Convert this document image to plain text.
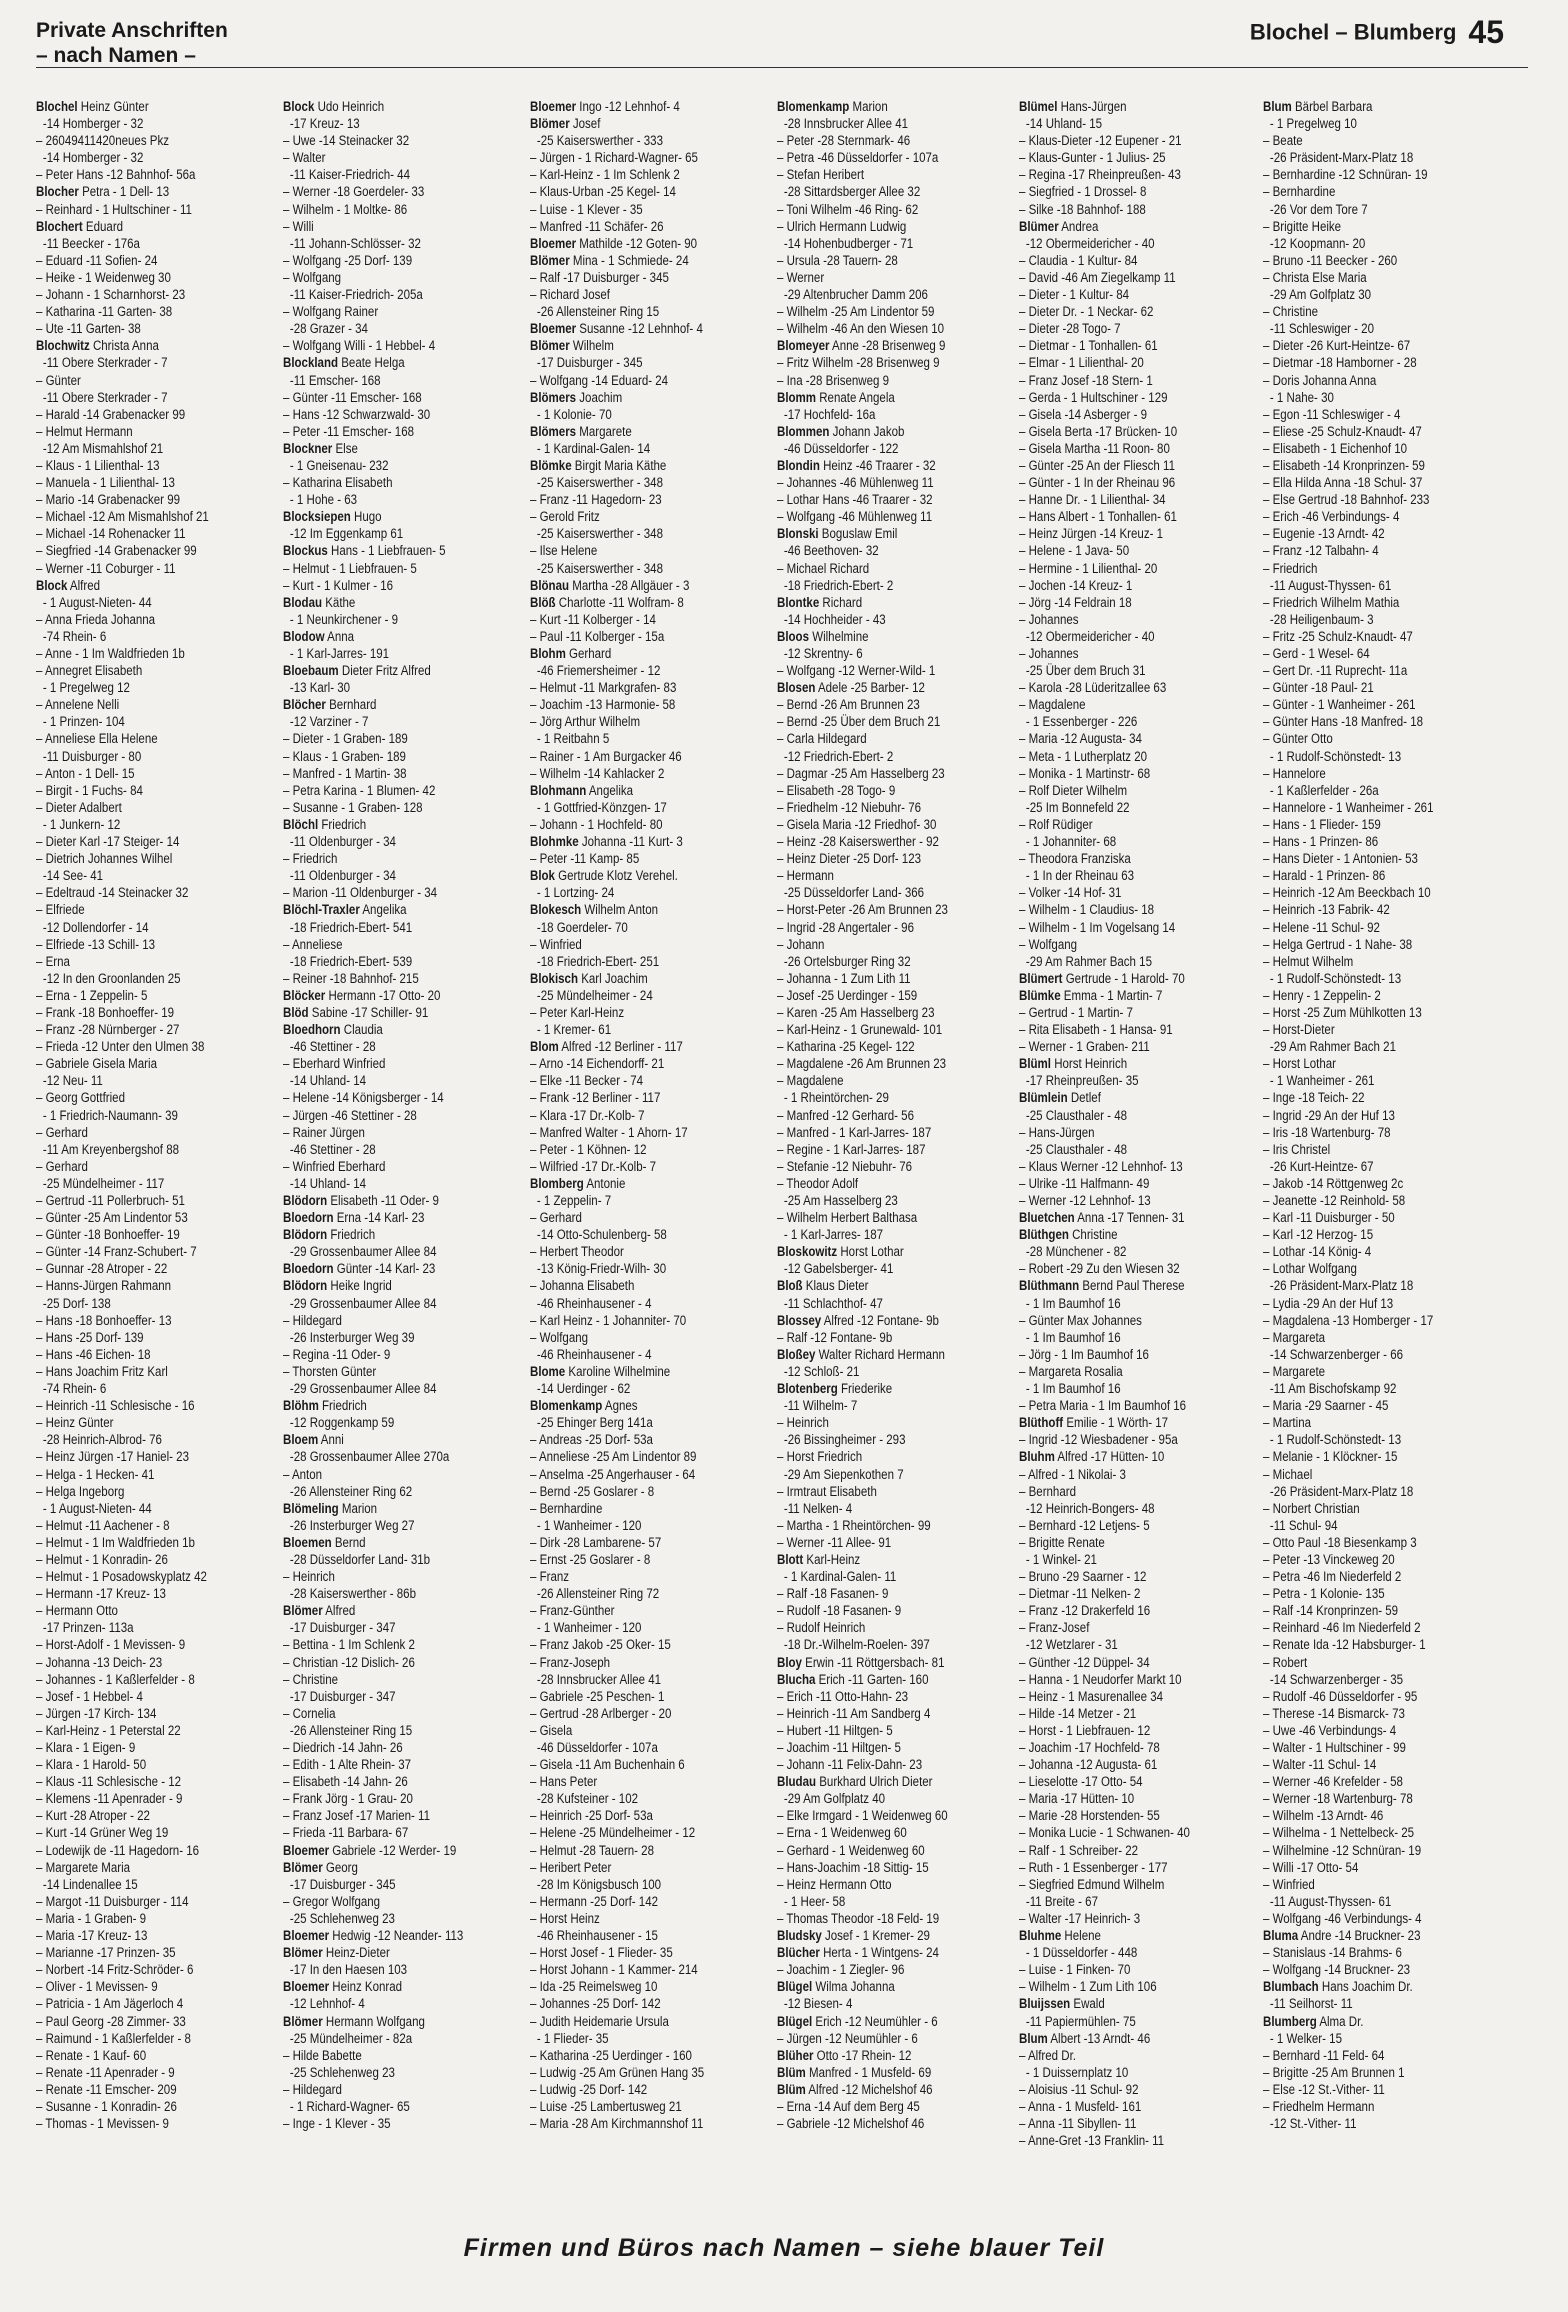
Private Anschriften
– nach Namen –
Blochel – Blumberg 45
Blochel Heinz Günter
-14 Homberger - 32
– 26049411420neues Pkz
-14 Homberger - 32
– Peter Hans -12 Bahnhof- 56a
Blocher Petra - 1 Dell- 13
– Reinhard - 1 Hultschiner - 11
Blochert Eduard
-11 Beecker - 176a
– Eduard -11 Sofien- 24
– Heike - 1 Weidenweg 30
– Johann - 1 Scharnhorst- 23
– Katharina -11 Garten- 38
– Ute -11 Garten- 38
Blochwitz Christa Anna
-11 Obere Sterkrader - 7
– Günter
-11 Obere Sterkrader - 7
– Harald -14 Grabenacker 99
– Helmut Hermann
-12 Am Mismahlshof 21
– Klaus - 1 Lilienthal- 13
– Manuela - 1 Lilienthal- 13
– Mario -14 Grabenacker 99
– Michael -12 Am Mismahlshof 21
– Michael -14 Rohenacker 11
– Siegfried -14 Grabenacker 99
– Werner -11 Coburger - 11
Block Alfred
- 1 August-Nieten- 44
– Anna Frieda Johanna
-74 Rhein- 6
– Anne - 1 Im Waldfrieden 1b
– Annegret Elisabeth
- 1 Pregelweg 12
– Annelene Nelli
- 1 Prinzen- 104
– Anneliese Ella Helene
-11 Duisburger - 80
– Anton - 1 Dell- 15
– Birgit - 1 Fuchs- 84
– Dieter Adalbert
- 1 Junkern- 12
– Dieter Karl -17 Steiger- 14
– Dietrich Johannes Wilhel
-14 See- 41
– Edeltraud -14 Steinacker 32
– Elfriede
-12 Dollendorfer - 14
– Elfriede -13 Schill- 13
– Erna
-12 In den Groonlanden 25
– Erna - 1 Zeppelin- 5
– Frank -18 Bonhoeffer- 19
– Franz -28 Nürnberger - 27
– Frieda -12 Unter den Ulmen 38
– Gabriele Gisela Maria
-12 Neu- 11
– Georg Gottfried
- 1 Friedrich-Naumann- 39
– Gerhard
-11 Am Kreyenbergshof 88
– Gerhard
-25 Mündelheimer - 117
– Gertrud -11 Pollerbruch- 51
– Günter -25 Am Lindentor 53
– Günter -18 Bonhoeffer- 19
– Günter -14 Franz-Schubert- 7
– Gunnar -28 Atroper - 22
– Hanns-Jürgen Rahmann
-25 Dorf- 138
– Hans -18 Bonhoeffer- 13
– Hans -25 Dorf- 139
– Hans -46 Eichen- 18
– Hans Joachim Fritz Karl
-74 Rhein- 6
– Heinrich -11 Schlesische - 16
– Heinz Günter
-28 Heinrich-Albrod- 76
– Heinz Jürgen -17 Haniel- 23
– Helga - 1 Hecken- 41
– Helga Ingeborg
- 1 August-Nieten- 44
– Helmut -11 Aachener - 8
– Helmut - 1 Im Waldfrieden 1b
– Helmut - 1 Konradin- 26
– Helmut - 1 Posadowskyplatz 42
– Hermann -17 Kreuz- 13
– Hermann Otto
-17 Prinzen- 113a
– Horst-Adolf - 1 Mevissen- 9
– Johanna -13 Deich- 23
– Johannes - 1 Kaßlerfelder - 8
– Josef - 1 Hebbel- 4
– Jürgen -17 Kirch- 134
– Karl-Heinz - 1 Peterstal 22
– Klara - 1 Eigen- 9
– Klara - 1 Harold- 50
– Klaus -11 Schlesische - 12
– Klemens -11 Apenrader - 9
– Kurt -28 Atroper - 22
– Kurt -14 Grüner Weg 19
– Lodewijk de -11 Hagedorn- 16
– Margarete Maria
-14 Lindenallee 15
– Margot -11 Duisburger - 114
– Maria - 1 Graben- 9
– Maria -17 Kreuz- 13
– Marianne -17 Prinzen- 35
– Norbert -14 Fritz-Schröder- 6
– Oliver - 1 Mevissen- 9
– Patricia - 1 Am Jägerloch 4
– Paul Georg -28 Zimmer- 33
– Raimund - 1 Kaßlerfelder - 8
– Renate - 1 Kauf- 60
– Renate -11 Apenrader - 9
– Renate -11 Emscher- 209
– Susanne - 1 Konradin- 26
– Thomas - 1 Mevissen- 9
Block Udo Heinrich
-17 Kreuz- 13
– Uwe -14 Steinacker 32
– Walter
-11 Kaiser-Friedrich- 44
– Werner -18 Goerdeler- 33
– Wilhelm - 1 Moltke- 86
– Willi
-11 Johann-Schlösser- 32
– Wolfgang -25 Dorf- 139
– Wolfgang
-11 Kaiser-Friedrich- 205a
– Wolfgang Rainer
-28 Grazer - 34
– Wolfgang Willi - 1 Hebbel- 4
Blockland Beate Helga
-11 Emscher- 168
– Günter -11 Emscher- 168
– Hans -12 Schwarzwald- 30
– Peter -11 Emscher- 168
Blockner Else
- 1 Gneisenau- 232
– Katharina Elisabeth
- 1 Hohe - 63
Blocksiepen Hugo
-12 Im Eggenkamp 61
Blockus Hans - 1 Liebfrauen- 5
– Helmut - 1 Liebfrauen- 5
– Kurt - 1 Kulmer - 16
Blodau Käthe
- 1 Neunkirchener - 9
Blodow Anna
- 1 Karl-Jarres- 191
Bloebaum Dieter Fritz Alfred
-13 Karl- 30
Blöcher Bernhard
-12 Varziner - 7
– Dieter - 1 Graben- 189
– Klaus - 1 Graben- 189
– Manfred - 1 Martin- 38
– Petra Karina - 1 Blumen- 42
– Susanne - 1 Graben- 128
Blöchl Friedrich
-11 Oldenburger - 34
– Friedrich
-11 Oldenburger - 34
– Marion -11 Oldenburger - 34
Blöchl-Traxler Angelika
-18 Friedrich-Ebert- 541
– Anneliese
-18 Friedrich-Ebert- 539
– Reiner -18 Bahnhof- 215
Blöcker Hermann -17 Otto- 20
Blöd Sabine -17 Schiller- 91
Bloedhorn Claudia
-46 Stettiner - 28
– Eberhard Winfried
-14 Uhland- 14
– Helene -14 Königsberger - 14
– Jürgen -46 Stettiner - 28
– Rainer Jürgen
-46 Stettiner - 28
– Winfried Eberhard
-14 Uhland- 14
Blödorn Elisabeth -11 Oder- 9
Bloedorn Erna -14 Karl- 23
Blödorn Friedrich
-29 Grossenbaumer Allee 84
Bloedorn Günter -14 Karl- 23
Blödorn Heike Ingrid
-29 Grossenbaumer Allee 84
– Hildegard
-26 Insterburger Weg 39
– Regina -11 Oder- 9
– Thorsten Günter
-29 Grossenbaumer Allee 84
Blöhm Friedrich
-12 Roggenkamp 59
Bloem Anni
-28 Grossenbaumer Allee 270a
– Anton
-26 Allensteiner Ring 62
Blömeling Marion
-26 Insterburger Weg 27
Bloemen Bernd
-28 Düsseldorfer Land- 31b
– Heinrich
-28 Kaiserswerther - 86b
Blömer Alfred
-17 Duisburger - 347
– Bettina - 1 Im Schlenk 2
– Christian -12 Dislich- 26
– Christine
-17 Duisburger - 347
– Cornelia
-26 Allensteiner Ring 15
– Diedrich -14 Jahn- 26
– Edith - 1 Alte Rhein- 37
– Elisabeth -14 Jahn- 26
– Frank Jörg - 1 Grau- 20
– Franz Josef -17 Marien- 11
– Frieda -11 Barbara- 67
Bloemer Gabriele -12 Werder- 19
Blömer Georg
-17 Duisburger - 345
– Gregor Wolfgang
-25 Schlehenweg 23
Bloemer Hedwig -12 Neander- 113
Blömer Heinz-Dieter
-17 In den Haesen 103
Bloemer Heinz Konrad
-12 Lehnhof- 4
Blömer Hermann Wolfgang
-25 Mündelheimer - 82a
– Hilde Babette
-25 Schlehenweg 23
– Hildegard
- 1 Richard-Wagner- 65
– Inge - 1 Klever - 35
Bloemer Ingo -12 Lehnhof- 4
Blömer Josef
-25 Kaiserswerther - 333
– Jürgen - 1 Richard-Wagner- 65
– Karl-Heinz - 1 Im Schlenk 2
– Klaus-Urban -25 Kegel- 14
– Luise - 1 Klever - 35
– Manfred -11 Schäfer- 26
Bloemer Mathilde -12 Goten- 90
Blömer Mina - 1 Schmiede- 24
– Ralf -17 Duisburger - 345
– Richard Josef
-26 Allensteiner Ring 15
Bloemer Susanne -12 Lehnhof- 4
Blömer Wilhelm
-17 Duisburger - 345
– Wolfgang -14 Eduard- 24
Blömers Joachim
- 1 Kolonie- 70
Blömers Margarete
- 1 Kardinal-Galen- 14
Blömke Birgit Maria Käthe
-25 Kaiserswerther - 348
– Franz -11 Hagedorn- 23
– Gerold Fritz
-25 Kaiserswerther - 348
– Ilse Helene
-25 Kaiserswerther - 348
Blönau Martha -28 Allgäuer - 3
Blöß Charlotte -11 Wolfram- 8
– Kurt -11 Kolberger - 14
– Paul -11 Kolberger - 15a
Blohm Gerhard
-46 Friemersheimer - 12
– Helmut -11 Markgrafen- 83
– Joachim -13 Harmonie- 58
– Jörg Arthur Wilhelm
- 1 Reitbahn 5
– Rainer - 1 Am Burgacker 46
– Wilhelm -14 Kahlacker 2
Blohmann Angelika
- 1 Gottfried-Könzgen- 17
– Johann - 1 Hochfeld- 80
Blohmke Johanna -11 Kurt- 3
– Peter -11 Kamp- 85
Blok Gertrude Klotz Verehel.
- 1 Lortzing- 24
Blokesch Wilhelm Anton
-18 Goerdeler- 70
– Winfried
-18 Friedrich-Ebert- 251
Blokisch Karl Joachim
-25 Mündelheimer - 24
– Peter Karl-Heinz
- 1 Kremer- 61
Blom Alfred -12 Berliner - 117
– Arno -14 Eichendorff- 21
– Elke -11 Becker - 74
– Frank -12 Berliner - 117
– Klara -17 Dr.-Kolb- 7
– Manfred Walter - 1 Ahorn- 17
– Peter - 1 Köhnen- 12
– Wilfried -17 Dr.-Kolb- 7
Blomberg Antonie
- 1 Zeppelin- 7
– Gerhard
-14 Otto-Schulenberg- 58
– Herbert Theodor
-13 König-Friedr-Wilh- 30
– Johanna Elisabeth
-46 Rheinhausener - 4
– Karl Heinz - 1 Johanniter- 70
– Wolfgang
-46 Rheinhausener - 4
Blome Karoline Wilhelmine
-14 Uerdinger - 62
Blomenkamp Agnes
-25 Ehinger Berg 141a
– Andreas -25 Dorf- 53a
– Anneliese -25 Am Lindentor 89
– Anselma -25 Angerhauser - 64
– Bernd -25 Goslarer - 8
– Bernhardine
- 1 Wanheimer - 120
– Dirk -28 Lambarene- 57
– Ernst -25 Goslarer - 8
– Franz
-26 Allensteiner Ring 72
– Franz-Günther
- 1 Wanheimer - 120
– Franz Jakob -25 Oker- 15
– Franz-Joseph
-28 Innsbrucker Allee 41
– Gabriele -25 Peschen- 1
– Gertrud -28 Arlberger - 20
– Gisela
-46 Düsseldorfer - 107a
– Gisela -11 Am Buchenhain 6
– Hans Peter
-28 Kufsteiner - 102
– Heinrich -25 Dorf- 53a
– Helene -25 Mündelheimer - 12
– Helmut -28 Tauern- 28
– Heribert Peter
-28 Im Königsbusch 100
– Hermann -25 Dorf- 142
– Horst Heinz
-46 Rheinhausener - 15
– Horst Josef - 1 Flieder- 35
– Horst Johann - 1 Kammer- 214
– Ida -25 Reimelsweg 10
– Johannes -25 Dorf- 142
– Judith Heidemarie Ursula
- 1 Flieder- 35
– Katharina -25 Uerdinger - 160
– Ludwig -25 Am Grünen Hang 35
– Ludwig -25 Dorf- 142
– Luise -25 Lambertusweg 21
– Maria -28 Am Kirchmannshof 11
Blomenkamp Marion
-28 Innsbrucker Allee 41
– Peter -28 Sternmark- 46
– Petra -46 Düsseldorfer - 107a
– Stefan Heribert
-28 Sittardsberger Allee 32
– Toni Wilhelm -46 Ring- 62
– Ulrich Hermann Ludwig
-14 Hohenbudberger - 71
– Ursula -28 Tauern- 28
– Werner
-29 Altenbrucher Damm 206
– Wilhelm -25 Am Lindentor 59
– Wilhelm -46 An den Wiesen 10
Blomeyer Anne -28 Brisenweg 9
– Fritz Wilhelm -28 Brisenweg 9
– Ina -28 Brisenweg 9
Blomm Renate Angela
-17 Hochfeld- 16a
Blommen Johann Jakob
-46 Düsseldorfer - 122
Blondin Heinz -46 Traarer - 32
– Johannes -46 Mühlenweg 11
– Lothar Hans -46 Traarer - 32
– Wolfgang -46 Mühlenweg 11
Blonski Boguslaw Emil
-46 Beethoven- 32
– Michael Richard
-18 Friedrich-Ebert- 2
Blontke Richard
-14 Hochheider - 43
Bloos Wilhelmine
-12 Skrentny- 6
– Wolfgang -12 Werner-Wild- 1
Blosen Adele -25 Barber- 12
– Bernd -26 Am Brunnen 23
– Bernd -25 Über dem Bruch 21
– Carla Hildegard
-12 Friedrich-Ebert- 2
– Dagmar -25 Am Hasselberg 23
– Elisabeth -28 Togo- 9
– Friedhelm -12 Niebuhr- 76
– Gisela Maria -12 Friedhof- 30
– Heinz -28 Kaiserswerther - 92
– Heinz Dieter -25 Dorf- 123
– Hermann
-25 Düsseldorfer Land- 366
– Horst-Peter -26 Am Brunnen 23
– Ingrid -28 Angertaler - 96
– Johann
-26 Ortelsburger Ring 32
– Johanna - 1 Zum Lith 11
– Josef -25 Uerdinger - 159
– Karen -25 Am Hasselberg 23
– Karl-Heinz - 1 Grunewald- 101
– Katharina -25 Kegel- 122
– Magdalene -26 Am Brunnen 23
– Magdalene
- 1 Rheintörchen- 29
– Manfred -12 Gerhard- 56
– Manfred - 1 Karl-Jarres- 187
– Regine - 1 Karl-Jarres- 187
– Stefanie -12 Niebuhr- 76
– Theodor Adolf
-25 Am Hasselberg 23
– Wilhelm Herbert Balthasa
- 1 Karl-Jarres- 187
Bloskowitz Horst Lothar
-12 Gabelsberger- 41
Bloß Klaus Dieter
-11 Schlachthof- 47
Blossey Alfred -12 Fontane- 9b
– Ralf -12 Fontane- 9b
Bloßey Walter Richard Hermann
-12 Schloß- 21
Blotenberg Friederike
-11 Wilhelm- 7
– Heinrich
-26 Bissingheimer - 293
– Horst Friedrich
-29 Am Siepenkothen 7
– Irmtraut Elisabeth
-11 Nelken- 4
– Martha - 1 Rheintörchen- 99
– Werner -11 Allee- 91
Blott Karl-Heinz
- 1 Kardinal-Galen- 11
– Ralf -18 Fasanen- 9
– Rudolf -18 Fasanen- 9
– Rudolf Heinrich
-18 Dr.-Wilhelm-Roelen- 397
Bloy Erwin -11 Röttgersbach- 81
Blucha Erich -11 Garten- 160
– Erich -11 Otto-Hahn- 23
– Heinrich -11 Am Sandberg 4
– Hubert -11 Hiltgen- 5
– Joachim -11 Hiltgen- 5
– Johann -11 Felix-Dahn- 23
Bludau Burkhard Ulrich Dieter
-29 Am Golfplatz 40
– Elke Irmgard - 1 Weidenweg 60
– Erna - 1 Weidenweg 60
– Gerhard - 1 Weidenweg 60
– Hans-Joachim -18 Sittig- 15
– Heinz Hermann Otto
- 1 Heer- 58
– Thomas Theodor -18 Feld- 19
Bludsky Josef - 1 Kremer- 29
Blücher Herta - 1 Wintgens- 24
– Joachim - 1 Ziegler- 96
Blügel Wilma Johanna
-12 Biesen- 4
Blügel Erich -12 Neumühler - 6
– Jürgen -12 Neumühler - 6
Blüher Otto -17 Rhein- 12
Blüm Manfred - 1 Musfeld- 69
Blüm Alfred -12 Michelshof 46
– Erna -14 Auf dem Berg 45
– Gabriele -12 Michelshof 46
Blümel Hans-Jürgen
-14 Uhland- 15
– Klaus-Dieter -12 Eupener - 21
– Klaus-Gunter - 1 Julius- 25
– Regina -17 Rheinpreußen- 43
– Siegfried - 1 Drossel- 8
– Silke -18 Bahnhof- 188
Blümer Andrea
-12 Obermeidericher - 40
– Claudia - 1 Kultur- 84
– David -46 Am Ziegelkamp 11
– Dieter - 1 Kultur- 84
– Dieter Dr. - 1 Neckar- 62
– Dieter -28 Togo- 7
– Dietmar - 1 Tonhallen- 61
– Elmar - 1 Lilienthal- 20
– Franz Josef -18 Stern- 1
– Gerda - 1 Hultschiner - 129
– Gisela -14 Asberger - 9
– Gisela Berta -17 Brücken- 10
– Gisela Martha -11 Roon- 80
– Günter -25 An der Fliesch 11
– Günter - 1 In der Rheinau 96
– Hanne Dr. - 1 Lilienthal- 34
– Hans Albert - 1 Tonhallen- 61
– Heinz Jürgen -14 Kreuz- 1
– Helene - 1 Java- 50
– Hermine - 1 Lilienthal- 20
– Jochen -14 Kreuz- 1
– Jörg -14 Feldrain 18
– Johannes
-12 Obermeidericher - 40
– Johannes
-25 Über dem Bruch 31
– Karola -28 Lüderitzallee 63
– Magdalene
- 1 Essenberger - 226
– Maria -12 Augusta- 34
– Meta - 1 Lutherplatz 20
– Monika - 1 Martinstr- 68
– Rolf Dieter Wilhelm
-25 Im Bonnefeld 22
– Rolf Rüdiger
- 1 Johanniter- 68
– Theodora Franziska
- 1 In der Rheinau 63
– Volker -14 Hof- 31
– Wilhelm - 1 Claudius- 18
– Wilhelm - 1 Im Vogelsang 14
– Wolfgang
-29 Am Rahmer Bach 15
Blümert Gertrude - 1 Harold- 70
Blümke Emma - 1 Martin- 7
– Gertrud - 1 Martin- 7
– Rita Elisabeth - 1 Hansa- 91
– Werner - 1 Graben- 211
Blüml Horst Heinrich
-17 Rheinpreußen- 35
Blümlein Detlef
-25 Clausthaler - 48
– Hans-Jürgen
-25 Clausthaler - 48
– Klaus Werner -12 Lehnhof- 13
– Ulrike -11 Halfmann- 49
– Werner -12 Lehnhof- 13
Bluetchen Anna -17 Tennen- 31
Blüthgen Christine
-28 Münchener - 82
– Robert -29 Zu den Wiesen 32
Blüthmann Bernd Paul Therese
- 1 Im Baumhof 16
– Günter Max Johannes
- 1 Im Baumhof 16
– Jörg - 1 Im Baumhof 16
– Margareta Rosalia
- 1 Im Baumhof 16
– Petra Maria - 1 Im Baumhof 16
Blüthoff Emilie - 1 Wörth- 17
– Ingrid -12 Wiesbadener - 95a
Bluhm Alfred -17 Hütten- 10
– Alfred - 1 Nikolai- 3
– Bernhard
-12 Heinrich-Bongers- 48
– Bernhard -12 Letjens- 5
– Brigitte Renate
- 1 Winkel- 21
– Bruno -29 Saarner - 12
– Dietmar -11 Nelken- 2
– Franz -12 Drakerfeld 16
– Franz-Josef
-12 Wetzlarer - 31
– Günther -12 Düppel- 34
– Hanna - 1 Neudorfer Markt 10
– Heinz - 1 Masurenallee 34
– Hilde -14 Metzer - 21
– Horst - 1 Liebfrauen- 12
– Joachim -17 Hochfeld- 78
– Johanna -12 Augusta- 61
– Lieselotte -17 Otto- 54
– Maria -17 Hütten- 10
– Marie -28 Horstenden- 55
– Monika Lucie - 1 Schwanen- 40
– Ralf - 1 Schreiber- 22
– Ruth - 1 Essenberger - 177
– Siegfried Edmund Wilhelm
-11 Breite - 67
– Walter -17 Heinrich- 3
Bluhme Helene
- 1 Düsseldorfer - 448
– Luise - 1 Finken- 70
– Wilhelm - 1 Zum Lith 106
Bluijssen Ewald
-11 Papiermühlen- 75
Blum Albert -13 Arndt- 46
– Alfred Dr.
- 1 Duissernplatz 10
– Aloisius -11 Schul- 92
– Anna - 1 Musfeld- 161
– Anna -11 Sibyllen- 11
– Anne-Gret -13 Franklin- 11
Blum Bärbel Barbara
- 1 Pregelweg 10
– Beate
-26 Präsident-Marx-Platz 18
– Bernhardine -12 Schnüran- 19
– Bernhardine
-26 Vor dem Tore 7
– Brigitte Heike
-12 Koopmann- 20
– Bruno -11 Beecker - 260
– Christa Else Maria
-29 Am Golfplatz 30
– Christine
-11 Schleswiger - 20
– Dieter -26 Kurt-Heintze- 67
– Dietmar -18 Hamborner - 28
– Doris Johanna Anna
- 1 Nahe- 30
– Egon -11 Schleswiger - 4
– Eliese -25 Schulz-Knaudt- 47
– Elisabeth - 1 Eichenhof 10
– Elisabeth -14 Kronprinzen- 59
– Ella Hilda Anna -18 Schul- 37
– Else Gertrud -18 Bahnhof- 233
– Erich -46 Verbindungs- 4
– Eugenie -13 Arndt- 42
– Franz -12 Talbahn- 4
– Friedrich
-11 August-Thyssen- 61
– Friedrich Wilhelm Mathia
-28 Heiligenbaum- 3
– Fritz -25 Schulz-Knaudt- 47
– Gerd - 1 Wesel- 64
– Gert Dr. -11 Ruprecht- 11a
– Günter -18 Paul- 21
– Günter - 1 Wanheimer - 261
– Günter Hans -18 Manfred- 18
– Günter Otto
- 1 Rudolf-Schönstedt- 13
– Hannelore
- 1 Kaßlerfelder - 26a
– Hannelore - 1 Wanheimer - 261
– Hans - 1 Flieder- 159
– Hans - 1 Prinzen- 86
– Hans Dieter - 1 Antonien- 53
– Harald - 1 Prinzen- 86
– Heinrich -12 Am Beeckbach 10
– Heinrich -13 Fabrik- 42
– Helene -11 Schul- 92
– Helga Gertrud - 1 Nahe- 38
– Helmut Wilhelm
- 1 Rudolf-Schönstedt- 13
– Henry - 1 Zeppelin- 2
– Horst -25 Zum Mühlkotten 13
– Horst-Dieter
-29 Am Rahmer Bach 21
– Horst Lothar
- 1 Wanheimer - 261
– Inge -18 Teich- 22
– Ingrid -29 An der Huf 13
– Iris -18 Wartenburg- 78
– Iris Christel
-26 Kurt-Heintze- 67
– Jakob -14 Röttgenweg 2c
– Jeanette -12 Reinhold- 58
– Karl -11 Duisburger - 50
– Karl -12 Herzog- 15
– Lothar -14 König- 4
– Lothar Wolfgang
-26 Präsident-Marx-Platz 18
– Lydia -29 An der Huf 13
– Magdalena -13 Homberger - 17
– Margareta
-14 Schwarzenberger - 66
– Margarete
-11 Am Bischofskamp 92
– Maria -29 Saarner - 45
– Martina
- 1 Rudolf-Schönstedt- 13
– Melanie - 1 Klöckner- 15
– Michael
-26 Präsident-Marx-Platz 18
– Norbert Christian
-11 Schul- 94
– Otto Paul -18 Biesenkamp 3
– Peter -13 Vinckeweg 20
– Petra -46 Im Niederfeld 2
– Petra - 1 Kolonie- 135
– Ralf -14 Kronprinzen- 59
– Reinhard -46 Im Niederfeld 2
– Renate Ida -12 Habsburger- 1
– Robert
-14 Schwarzenberger - 35
– Rudolf -46 Düsseldorfer - 95
– Therese -14 Bismarck- 73
– Uwe -46 Verbindungs- 4
– Walter - 1 Hultschiner - 99
– Walter -11 Schul- 14
– Werner -46 Krefelder - 58
– Werner -18 Wartenburg- 78
– Wilhelm -13 Arndt- 46
– Wilhelma - 1 Nettelbeck- 25
– Wilhelmine -12 Schnüran- 19
– Willi -17 Otto- 54
– Winfried
-11 August-Thyssen- 61
– Wolfgang -46 Verbindungs- 4
Bluma Andre -14 Bruckner- 23
– Stanislaus -14 Brahms- 6
– Wolfgang -14 Bruckner- 23
Blumbach Hans Joachim Dr.
-11 Seilhorst- 11
Blumberg Alma Dr.
- 1 Welker- 15
– Bernhard -11 Feld- 64
– Brigitte -25 Am Brunnen 1
– Else -12 St.-Vither- 11
– Friedhelm Hermann
-12 St.-Vither- 11
Firmen und Büros nach Namen – siehe blauer Teil
